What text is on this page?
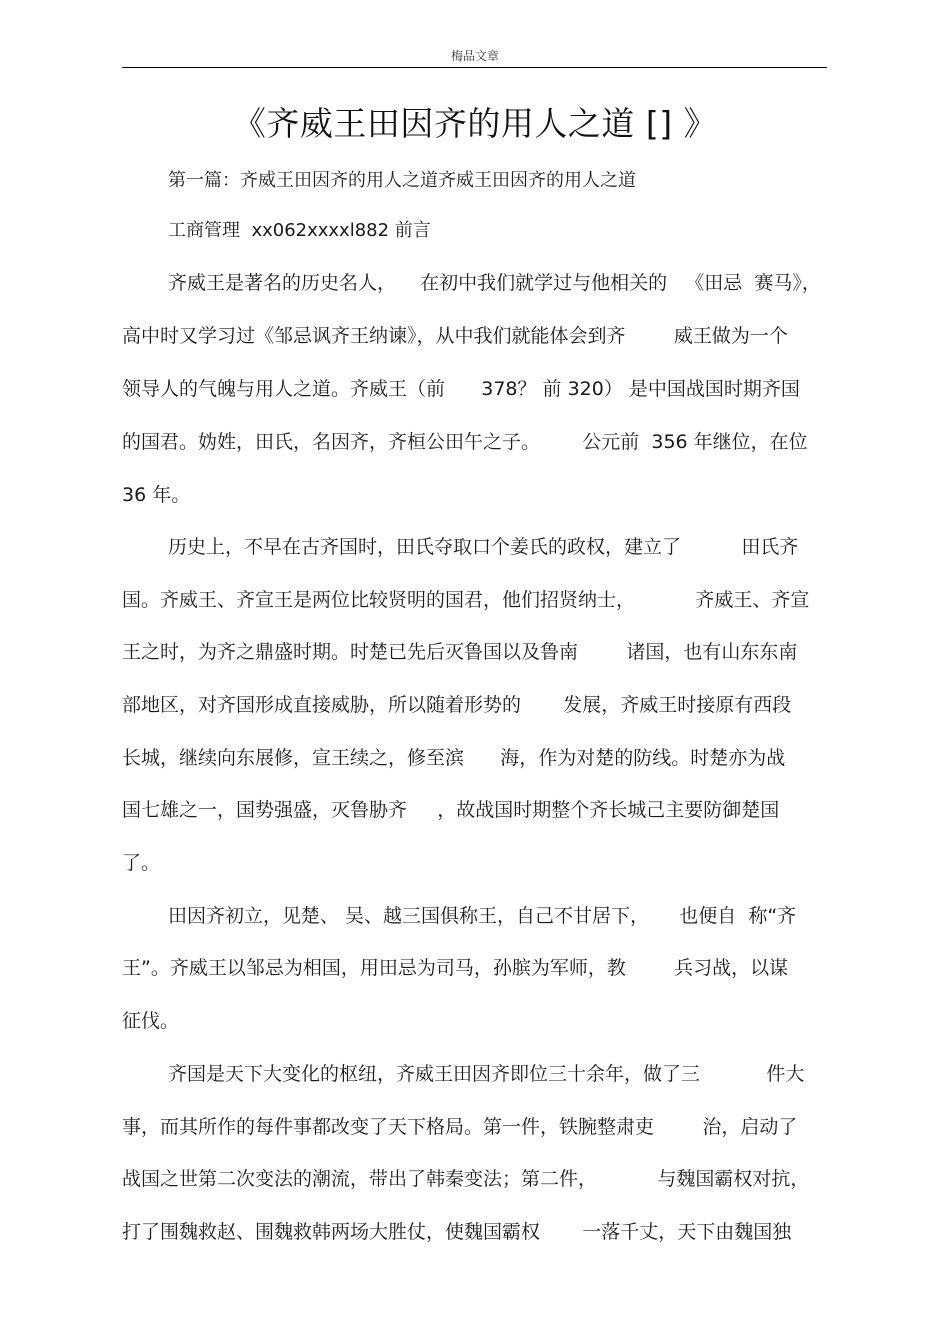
梅品文章
《齐威王田因齐的用人之道 [] 》
第一篇：齐威王田因齐的用人之道齐威王田因齐的用人之道
工商管理  xx062xxxxl882 前言
齐威王是著名的历史名人，    在初中我们就学过与他相关的   《田忌  赛马》，
高中时又学习过《邹忌讽齐王纳谏》，从中我们就能体会到齐        威王做为一个
领导人的气魄与用人之道。齐威王（前      378？ 前 320） 是中国战国时期齐国
的国君。妫姓，田氏，名因齐，齐桓公田午之子。       公元前  356 年继位，在位
36 年。
历史上，不早在古齐国时，田氏夺取口个姜氏的政权，建立了          田氏齐
国。齐威王、齐宣王是两位比较贤明的国君，他们招贤纳士，          齐威王、齐宣
王之时，为齐之鼎盛时期。时楚已先后灭鲁国以及鲁南        诸国，也有山东东南
部地区，对齐国形成直接威胁，所以随着形势的       发展，齐威王时接原有西段
长城，继续向东展修，宣王续之，修至滨      海，作为对楚的防线。时楚亦为战
国七雄之一，国势强盛，灭鲁胁齐     ，故战国时期整个齐长城己主要防御楚国
了。
田因齐初立，见楚、 吴、越三国俱称王，自己不甘居下，     也便自  称“齐
王”。齐威王以邹忌为相国，用田忌为司马，孙膑为军师，教        兵习战，以谋
征伐。
齐国是天下大变化的枢纽，齐威王田因齐即位三十余年，做了三           件大
事，而其所作的每件事都改变了天下格局。第一件，铁腕整肃吏        治，启动了
战国之世第二次变法的潮流，带出了韩秦变法；第二件，          与魏国霸权对抗，
打了围魏救赵、围魏救韩两场大胜仗，使魏国霸权       一落千丈，天下由魏国独
